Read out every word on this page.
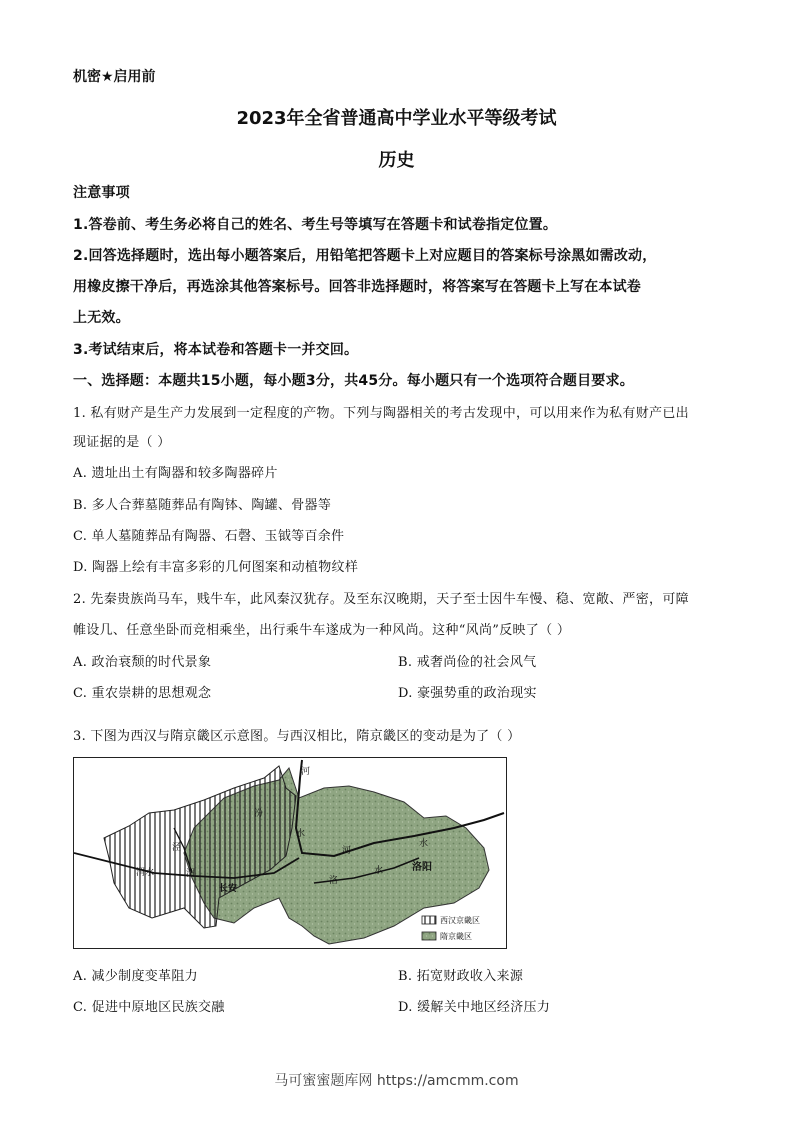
机密★启用前
2023年全省普通高中学业水平等级考试
历史
注意事项
1.答卷前、考生务必将自己的姓名、考生号等填写在答题卡和试卷指定位置。
2.回答选择题时，选出每小题答案后，用铅笔把答题卡上对应题目的答案标号涂黑如需改动，
用橡皮擦干净后，再选涂其他答案标号。回答非选择题时，将答案写在答题卡上写在本试卷
上无效。
3.考试结束后，将本试卷和答题卡一并交回。
一、选择题：本题共15小题，每小题3分，共45分。每小题只有一个选项符合题目要求。
1. 私有财产是生产力发展到一定程度的产物。下列与陶器相关的考古发现中，可以用来作为私有财产已出
现证据的是（ ）
A. 遗址出土有陶器和较多陶器碎片
B. 多人合葬墓随葬品有陶钵、陶罐、骨器等
C. 单人墓随葬品有陶器、石磬、玉钺等百余件
D. 陶器上绘有丰富多彩的几何图案和动植物纹样
2. 先秦贵族尚马车，贱牛车，此风秦汉犹存。及至东汉晚期，天子至士因牛车慢、稳、宽敞、严密，可障
帷设几、任意坐卧而竞相乘坐，出行乘牛车遂成为一种风尚。这种“风尚”反映了（ ）
A. 政治衰颓的时代景象	B. 戒奢尚俭的社会风气
C. 重农崇耕的思想观念	D. 豪强势重的政治现实
3. 下图为西汉与隋京畿区示意图。与西汉相比，隋京畿区的变动是为了（ ）
河
汾
水
泾
渭水	渭
长安
河
水
洛
水	洛阳
西汉京畿区
隋京畿区
A. 减少制度变革阻力	B. 拓宽财政收入来源
C. 促进中原地区民族交融	D. 缓解关中地区经济压力
马可蜜蜜题库网 https://amcmm.com
